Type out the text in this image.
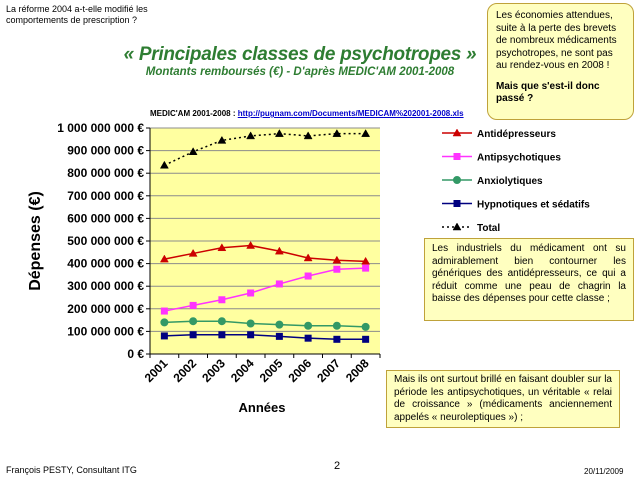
La réforme 2004 a-t-elle modifié les comportements de prescription ?
« Principales classes de psychotropes »
Montants remboursés (€) - D'après MEDIC'AM 2001-2008
MEDIC'AM 2001-2008 : http://pugnam.com/Documents/MEDICAM%202001-2008.xls
0 €
100 000 000 €
200 000 000 €
300 000 000 €
400 000 000 €
500 000 000 €
600 000 000 €
700 000 000 €
800 000 000 €
900 000 000 €
1 000 000 000 €
2001 2002 2003 2004 2005 2006 2007 2008
Antidépresseurs
Antipsychotiques
Anxiolytiques
Hypnotiques et sédatifs
Total
Dépenses (€)
Années
Les économies attendues, suite à la perte des brevets de nombreux médicaments psychotropes, ne sont pas au rendez-vous en 2008 !
Mais que s'est-il donc passé ?
Les industriels du médicament ont su admirablement bien contourner les génériques des antidépresseurs, ce qui a réduit comme une peau de chagrin la baisse des dépenses pour cette classe ;
Mais ils ont surtout brillé en faisant doubler sur la période les antipsychotiques, un véritable « relai de croissance » (médicaments anciennement appelés « neuroleptiques ») ;
François PESTY, Consultant ITG	2	20/11/2009
